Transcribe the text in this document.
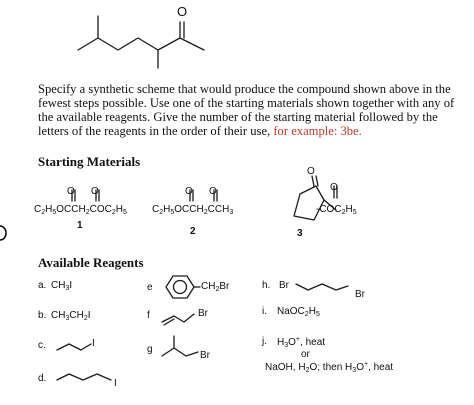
O
Specify a synthetic scheme that would produce the compound shown above in the fewest steps possible. Use one of the starting materials shown together with any of the available reagents. Give the number of the starting material followed by the letters of the reagents in the order of their use, for example: 3be.
Starting Materials
O O
$C_2H_5OCCH_2COC_2H_5$
1
O O
$C_2H_5OCCH_2CCH_3$
2
O
O
$-COC_2H_5$
3
Available Reagents
a. $CH_3I$
b. $CH_3CH_2I$
c.	I
d.	I
e	$CH_2Br$
f	Br
g
Br
h. Br
Br
i. $NaOC_2H_5$
j. $H_3O^+$, heat
or
NaOH, $H_2O$; then $H_3O^+$, heat
